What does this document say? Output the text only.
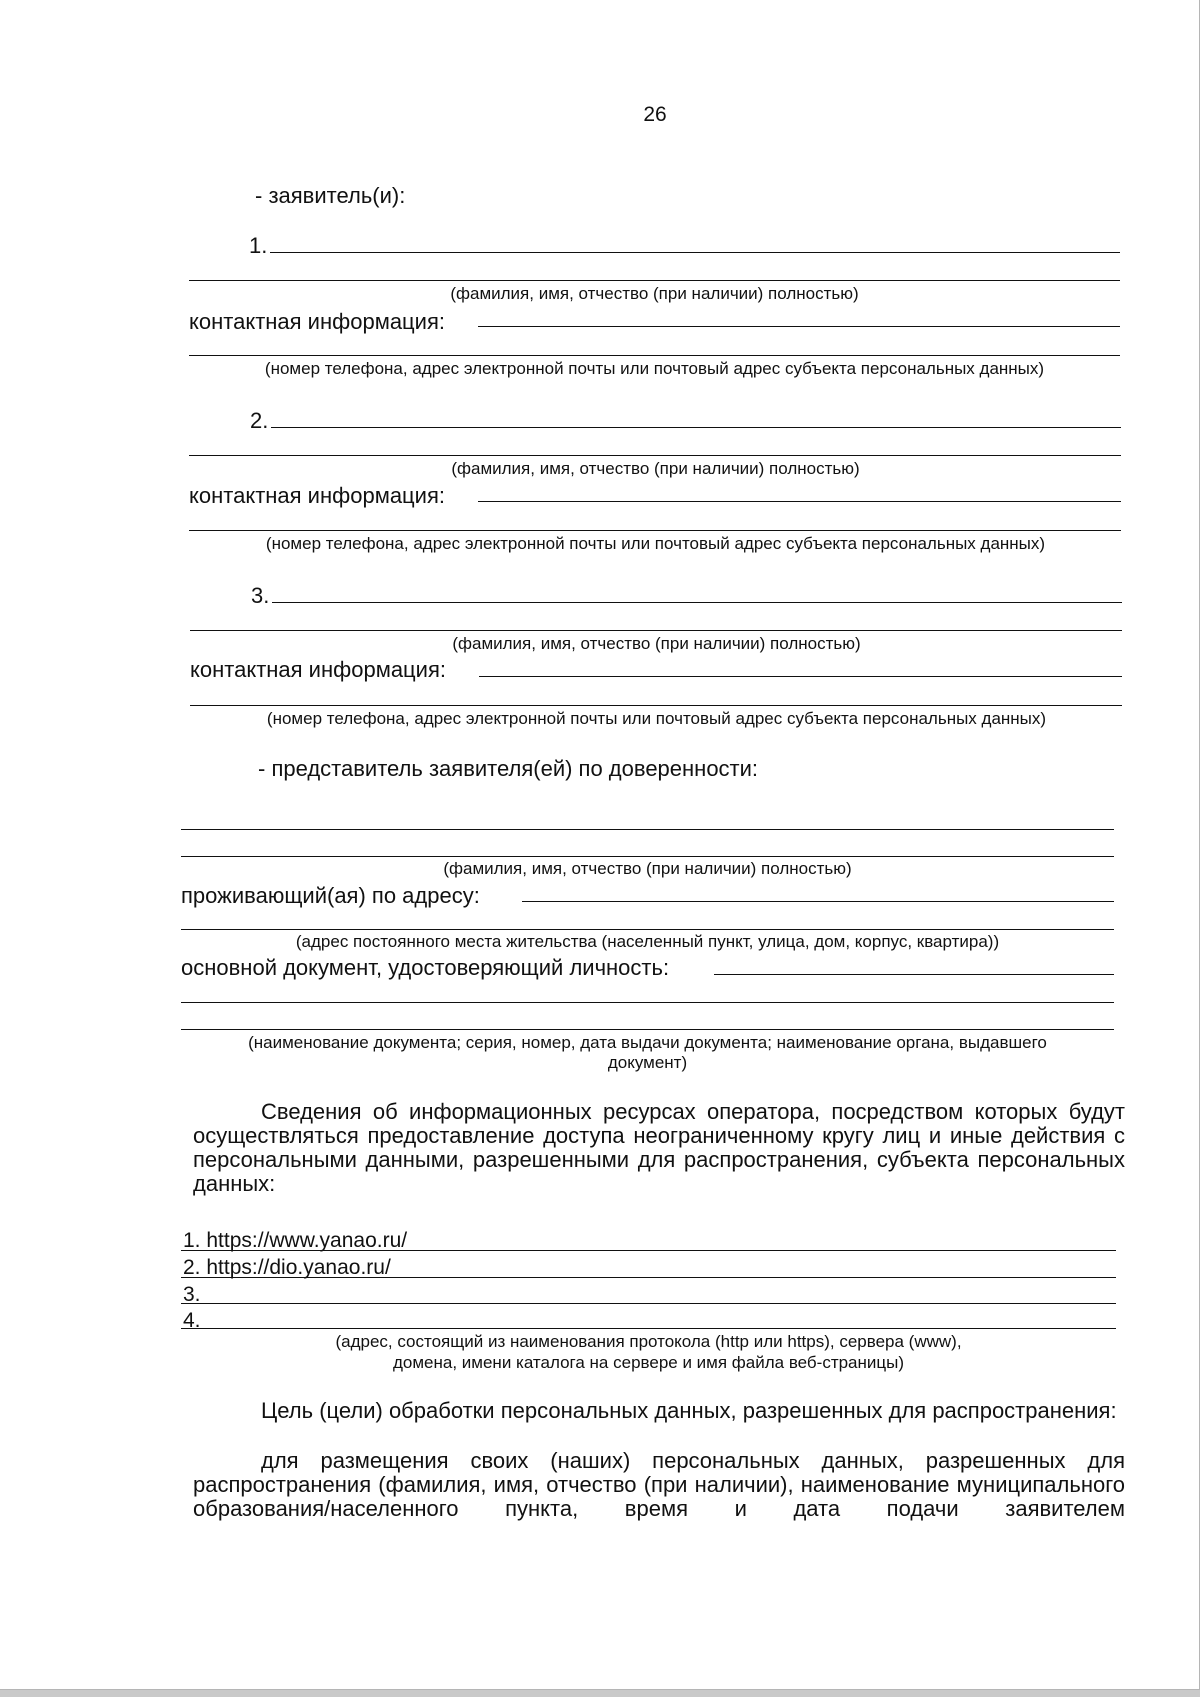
26
- заявитель(и):
1.
(фамилия, имя, отчество (при наличии) полностью)
контактная информация:
(номер телефона, адрес электронной почты или почтовый адрес субъекта персональных данных)
2.
(фамилия, имя, отчество (при наличии) полностью)
контактная информация:
(номер телефона, адрес электронной почты или почтовый адрес субъекта персональных данных)
3.
(фамилия, имя, отчество (при наличии) полностью)
контактная информация:
(номер телефона, адрес электронной почты или почтовый адрес субъекта персональных данных)
- представитель заявителя(ей) по доверенности:
(фамилия, имя, отчество (при наличии) полностью)
проживающий(ая) по адресу:
(адрес постоянного места жительства (населенный пункт, улица, дом, корпус, квартира))
основной документ, удостоверяющий личность:
(наименование документа; серия, номер, дата выдачи документа; наименование органа, выдавшего
документ)
Сведения об информационных ресурсах оператора, посредством которых будут осуществляться предоставление доступа неограниченному кругу лиц и иные действия с персональными данными, разрешенными для распространения, субъекта персональных данных:
1. https://www.yanao.ru/
2. https://dio.yanao.ru/
3.
4.
(адрес, состоящий из наименования протокола (http или https), сервера (www),
домена, имени каталога на сервере и имя файла веб-страницы)
Цель (цели) обработки персональных данных, разрешенных для распространения:
для размещения своих (наших) персональных данных, разрешенных для распространения (фамилия, имя, отчество (при наличии), наименование муниципального образования/населенного пункта, время и дата подачи заявителем
